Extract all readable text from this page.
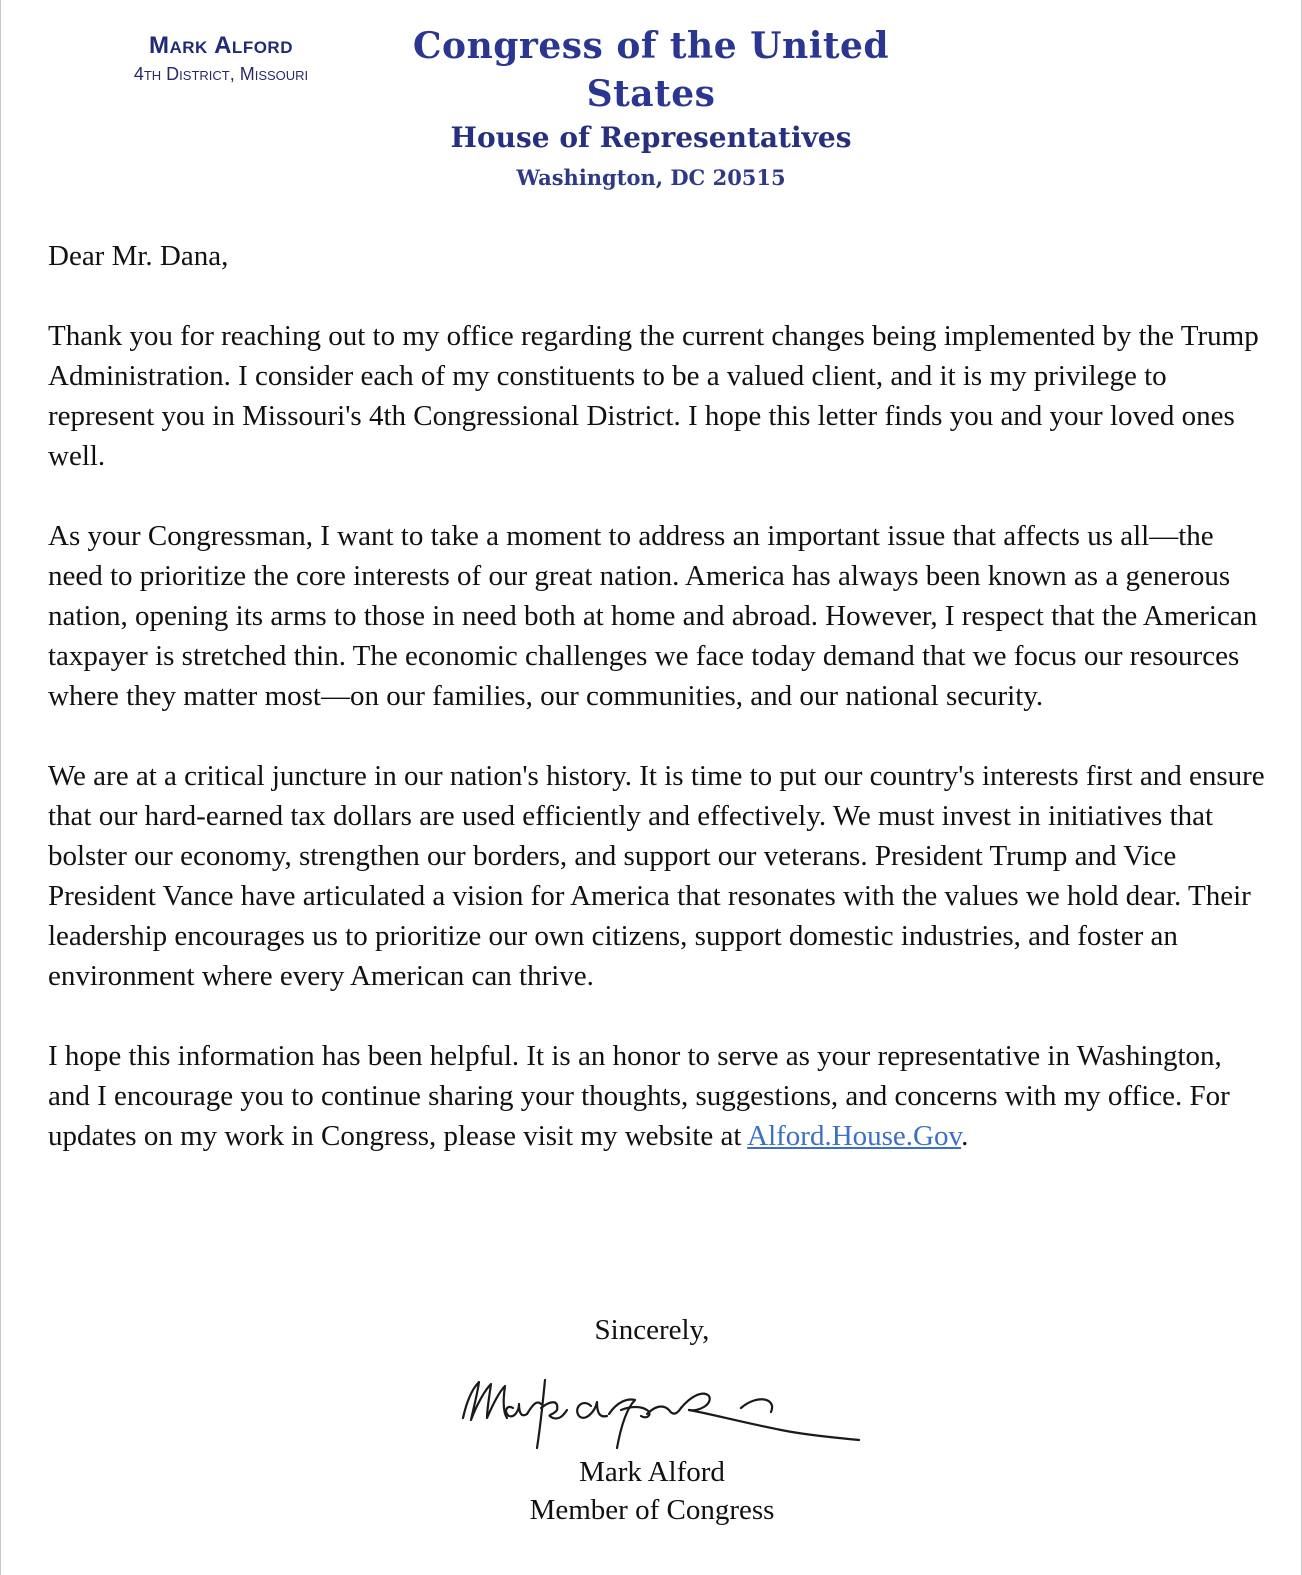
Mark Alford
4th District, Missouri
Congress of the United States
House of Representatives
Washington, DC 20515

Dear Mr. Dana,

Thank you for reaching out to my office regarding the current changes being implemented by the Trump Administration. I consider each of my constituents to be a valued client, and it is my privilege to represent you in Missouri's 4th Congressional District. I hope this letter finds you and your loved ones well.

As your Congressman, I want to take a moment to address an important issue that affects us all—the need to prioritize the core interests of our great nation. America has always been known as a generous nation, opening its arms to those in need both at home and abroad. However, I respect that the American taxpayer is stretched thin. The economic challenges we face today demand that we focus our resources where they matter most—on our families, our communities, and our national security.

We are at a critical juncture in our nation's history. It is time to put our country's interests first and ensure that our hard-earned tax dollars are used efficiently and effectively. We must invest in initiatives that bolster our economy, strengthen our borders, and support our veterans. President Trump and Vice President Vance have articulated a vision for America that resonates with the values we hold dear. Their leadership encourages us to prioritize our own citizens, support domestic industries, and foster an environment where every American can thrive.

I hope this information has been helpful. It is an honor to serve as your representative in Washington, and I encourage you to continue sharing your thoughts, suggestions, and concerns with my office. For updates on my work in Congress, please visit my website at Alford.House.Gov.

Sincerely,
Mark Alford
Member of Congress
